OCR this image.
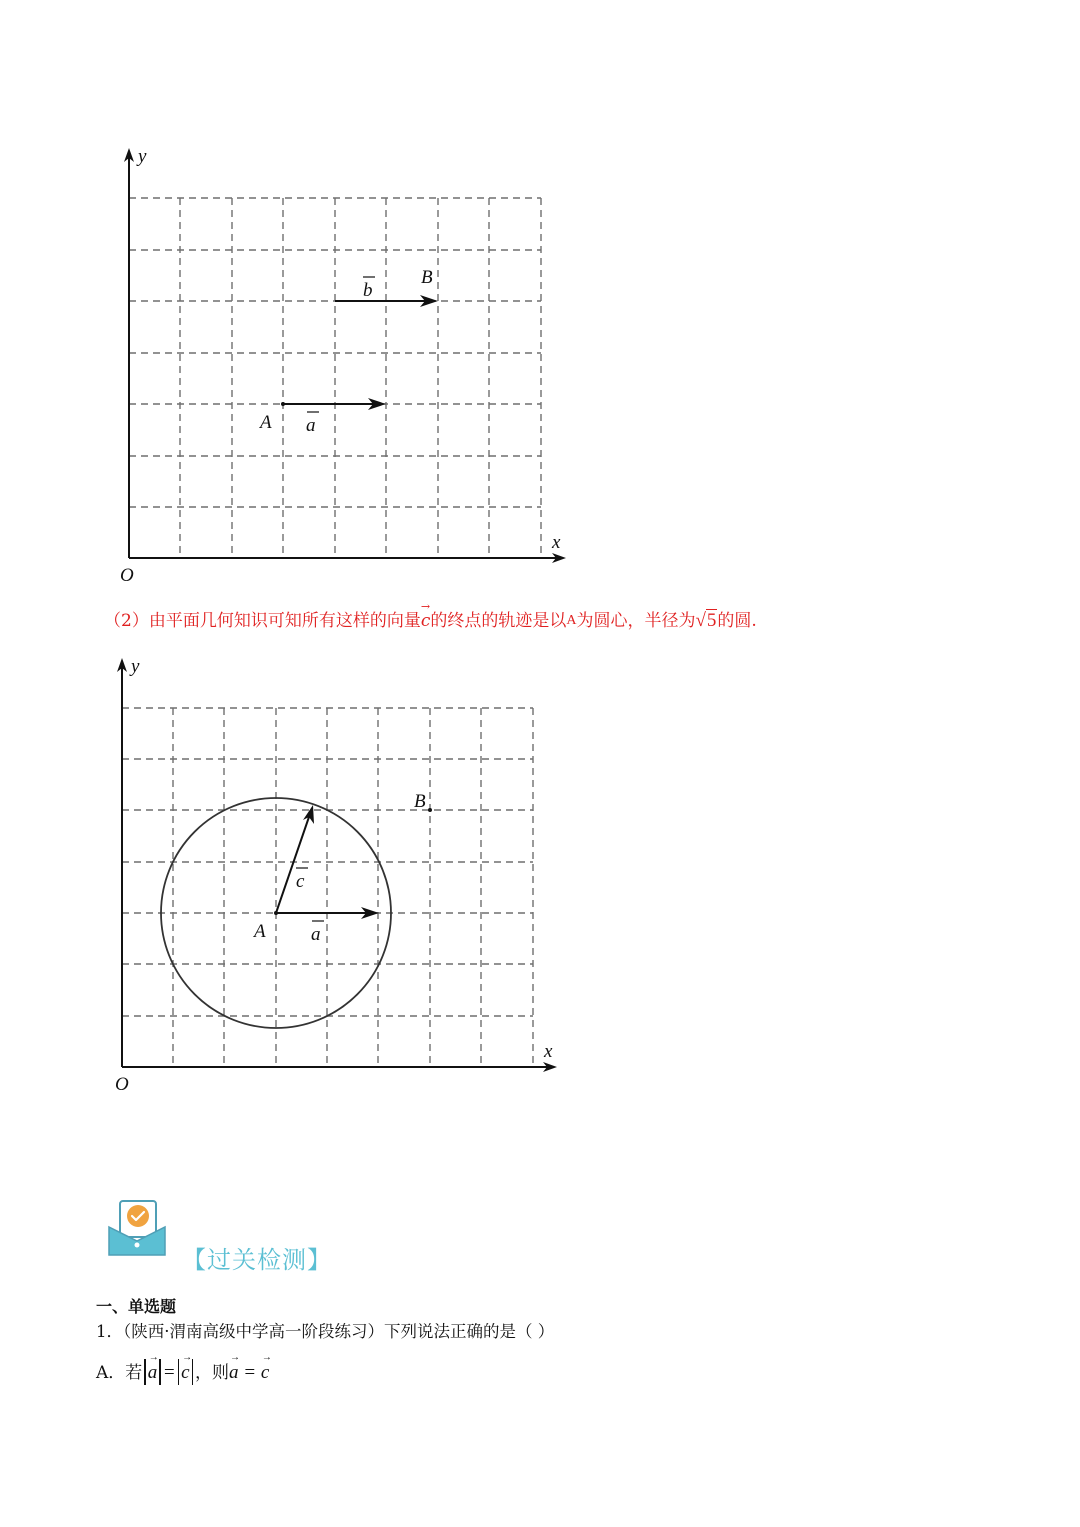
y
x
O
A a
b
B
（2）由平面几何知识可知所有这样的向量
→
c的终点的轨迹是以A为圆心，半径为√5的圆.
y
x
O
A a
c
B
【过关检测】
一、单选题
1．（陕西·渭南高级中学高一阶段练习）下列说法正确的是（ ）
A．若
→
a =
→
c ，则
→
a =
→
c
